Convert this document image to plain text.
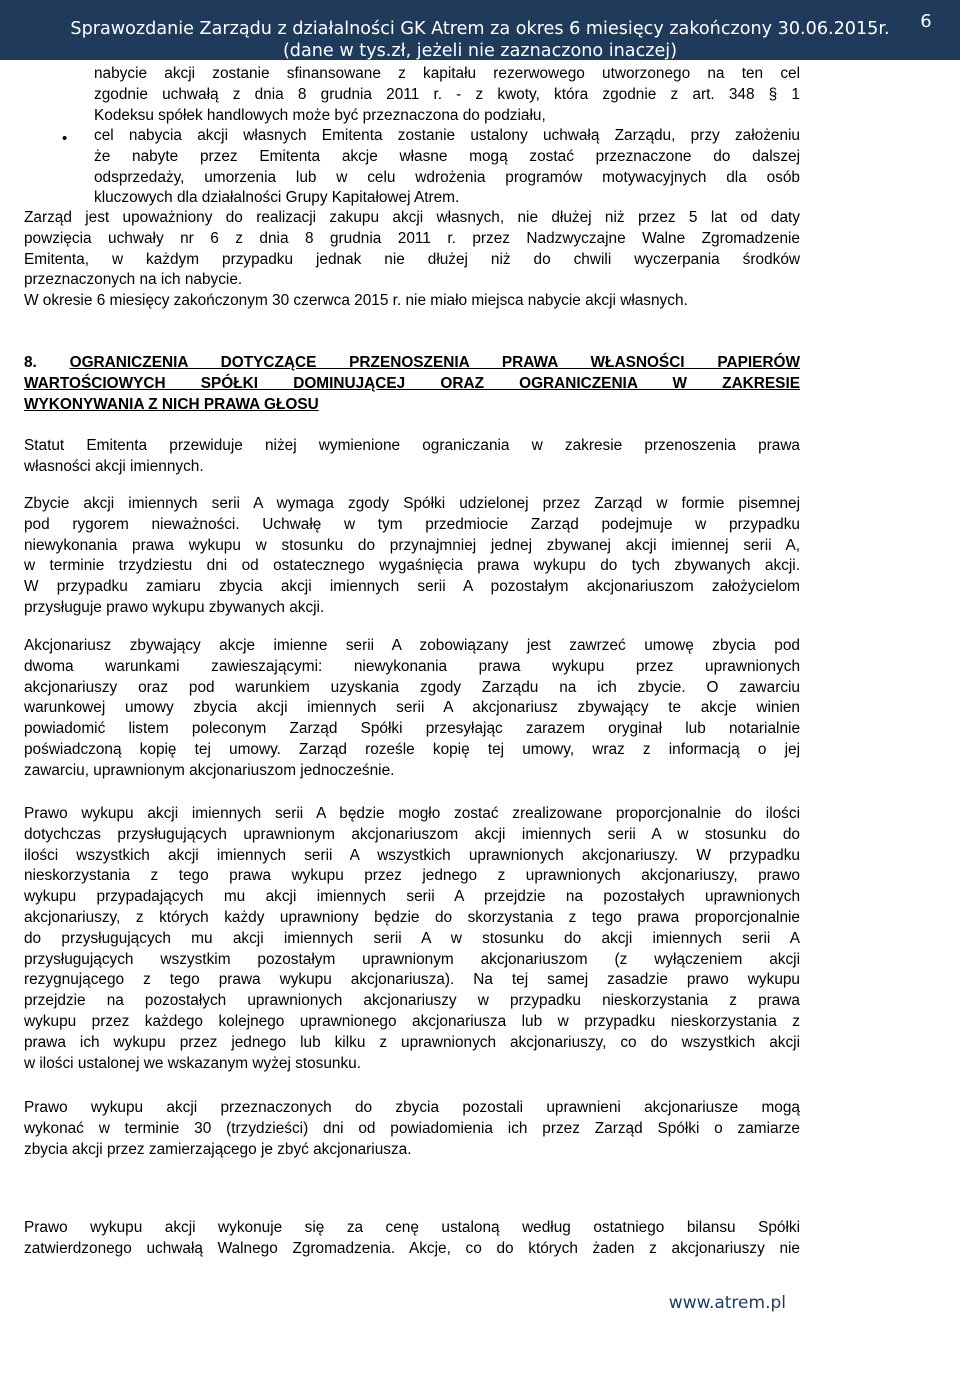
Sprawozdanie Zarządu z działalności GK Atrem za okres 6 miesięcy zakończony 30.06.2015r.
(dane w tys.zł, jeżeli nie zaznaczono inaczej)
6
nabycie akcji zostanie sfinansowane z kapitału rezerwowego utworzonego na ten cel
zgodnie uchwałą z dnia 8 grudnia 2011 r. - z kwoty, która zgodnie z art. 348 § 1
Kodeksu spółek handlowych może być przeznaczona do podziału,
• cel nabycia akcji własnych Emitenta zostanie ustalony uchwałą Zarządu, przy założeniu
że nabyte przez Emitenta akcje własne mogą zostać przeznaczone do dalszej
odsprzedaży, umorzenia lub w celu wdrożenia programów motywacyjnych dla osób
kluczowych dla działalności Grupy Kapitałowej Atrem.
Zarząd jest upoważniony do realizacji zakupu akcji własnych, nie dłużej niż przez 5 lat od daty
powzięcia uchwały nr 6 z dnia 8 grudnia 2011 r. przez Nadzwyczajne Walne Zgromadzenie
Emitenta, w każdym przypadku jednak nie dłużej niż do chwili wyczerpania środków
przeznaczonych na ich nabycie.
W okresie 6 miesięcy zakończonym 30 czerwca 2015 r. nie miało miejsca nabycie akcji własnych.
8. OGRANICZENIA DOTYCZĄCE PRZENOSZENIA PRAWA WŁASNOŚCI PAPIERÓW
WARTOŚCIOWYCH SPÓŁKI DOMINUJĄCEJ ORAZ OGRANICZENIA W ZAKRESIE
WYKONYWANIA Z NICH PRAWA GŁOSU
Statut Emitenta przewiduje niżej wymienione ograniczania w zakresie przenoszenia prawa
własności akcji imiennych.
Zbycie akcji imiennych serii A wymaga zgody Spółki udzielonej przez Zarząd w formie pisemnej
pod rygorem nieważności. Uchwałę w tym przedmiocie Zarząd podejmuje w przypadku
niewykonania prawa wykupu w stosunku do przynajmniej jednej zbywanej akcji imiennej serii A,
w terminie trzydziestu dni od ostatecznego wygaśnięcia prawa wykupu do tych zbywanych akcji.
W przypadku zamiaru zbycia akcji imiennych serii A pozostałym akcjonariuszom założycielom
przysługuje prawo wykupu zbywanych akcji.
Akcjonariusz zbywający akcje imienne serii A zobowiązany jest zawrzeć umowę zbycia pod
dwoma warunkami zawieszającymi: niewykonania prawa wykupu przez uprawnionych
akcjonariuszy oraz pod warunkiem uzyskania zgody Zarządu na ich zbycie. O zawarciu
warunkowej umowy zbycia akcji imiennych serii A akcjonariusz zbywający te akcje winien
powiadomić listem poleconym Zarząd Spółki przesyłając zarazem oryginał lub notarialnie
poświadczoną kopię tej umowy. Zarząd roześle kopię tej umowy, wraz z informacją o jej
zawarciu, uprawnionym akcjonariuszom jednocześnie.
Prawo wykupu akcji imiennych serii A będzie mogło zostać zrealizowane proporcjonalnie do ilości
dotychczas przysługujących uprawnionym akcjonariuszom akcji imiennych serii A w stosunku do
ilości wszystkich akcji imiennych serii A wszystkich uprawnionych akcjonariuszy. W przypadku
nieskorzystania z tego prawa wykupu przez jednego z uprawnionych akcjonariuszy, prawo
wykupu przypadających mu akcji imiennych serii A przejdzie na pozostałych uprawnionych
akcjonariuszy, z których każdy uprawniony będzie do skorzystania z tego prawa proporcjonalnie
do przysługujących mu akcji imiennych serii A w stosunku do akcji imiennych serii A
przysługujących wszystkim pozostałym uprawnionym akcjonariuszom (z wyłączeniem akcji
rezygnującego z tego prawa wykupu akcjonariusza). Na tej samej zasadzie prawo wykupu
przejdzie na pozostałych uprawnionych akcjonariuszy w przypadku nieskorzystania z prawa
wykupu przez każdego kolejnego uprawnionego akcjonariusza lub w przypadku nieskorzystania z
prawa ich wykupu przez jednego lub kilku z uprawnionych akcjonariuszy, co do wszystkich akcji
w ilości ustalonej we wskazanym wyżej stosunku.
Prawo wykupu akcji przeznaczonych do zbycia pozostali uprawnieni akcjonariusze mogą
wykonać w terminie 30 (trzydzieści) dni od powiadomienia ich przez Zarząd Spółki o zamiarze
zbycia akcji przez zamierzającego je zbyć akcjonariusza.
Prawo wykupu akcji wykonuje się za cenę ustaloną według ostatniego bilansu Spółki
zatwierdzonego uchwałą Walnego Zgromadzenia. Akcje, co do których żaden z akcjonariuszy nie
www.atrem.pl
